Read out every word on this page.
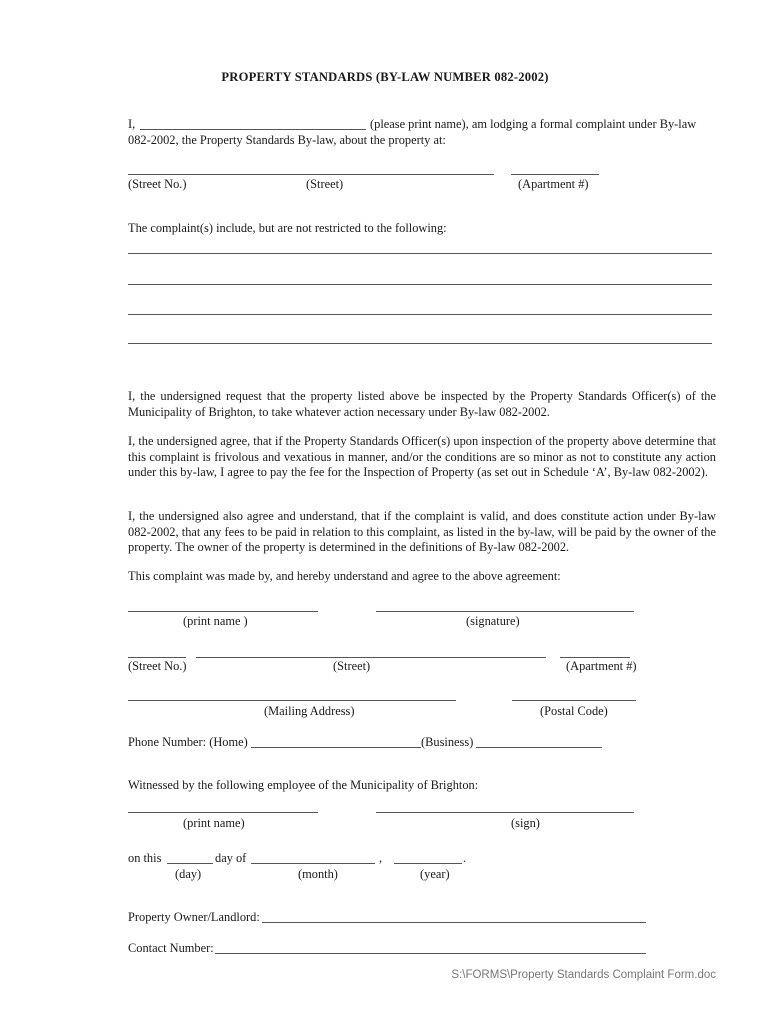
PROPERTY STANDARDS (BY-LAW NUMBER 082-2002)
I,	(please print name), am lodging a formal complaint under By-law
082-2002, the Property Standards By-law, about the property at:
(Street No.)	(Street)	(Apartment #)
The complaint(s) include, but are not restricted to the following:
I, the undersigned request that the property listed above be inspected by the Property Standards Officer(s) of the Municipality of Brighton, to take whatever action necessary under By-law 082-2002.
I, the undersigned agree, that if the Property Standards Officer(s) upon inspection of the property above determine that this complaint is frivolous and vexatious in manner, and/or the conditions are so minor as not to constitute any action under this by-law, I agree to pay the fee for the Inspection of Property (as set out in Schedule ‘A’, By-law 082-2002).
I, the undersigned also agree and understand, that if the complaint is valid, and does constitute action under By-law 082-2002, that any fees to be paid in relation to this complaint, as listed in the by-law, will be paid by the owner of the property. The owner of the property is determined in the definitions of By-law 082-2002.
This complaint was made by, and hereby understand and agree to the above agreement:
(print name )	(signature)
(Street No.)	(Street)	(Apartment #)
(Mailing Address)	(Postal Code)
Phone Number: (Home)	(Business)
Witnessed by the following employee of the Municipality of Brighton:
(print name)	(sign)
on this	day of	,	.
(day)	(month)	(year)
Property Owner/Landlord:
Contact Number:
S:\FORMS\Property Standards Complaint Form.doc
